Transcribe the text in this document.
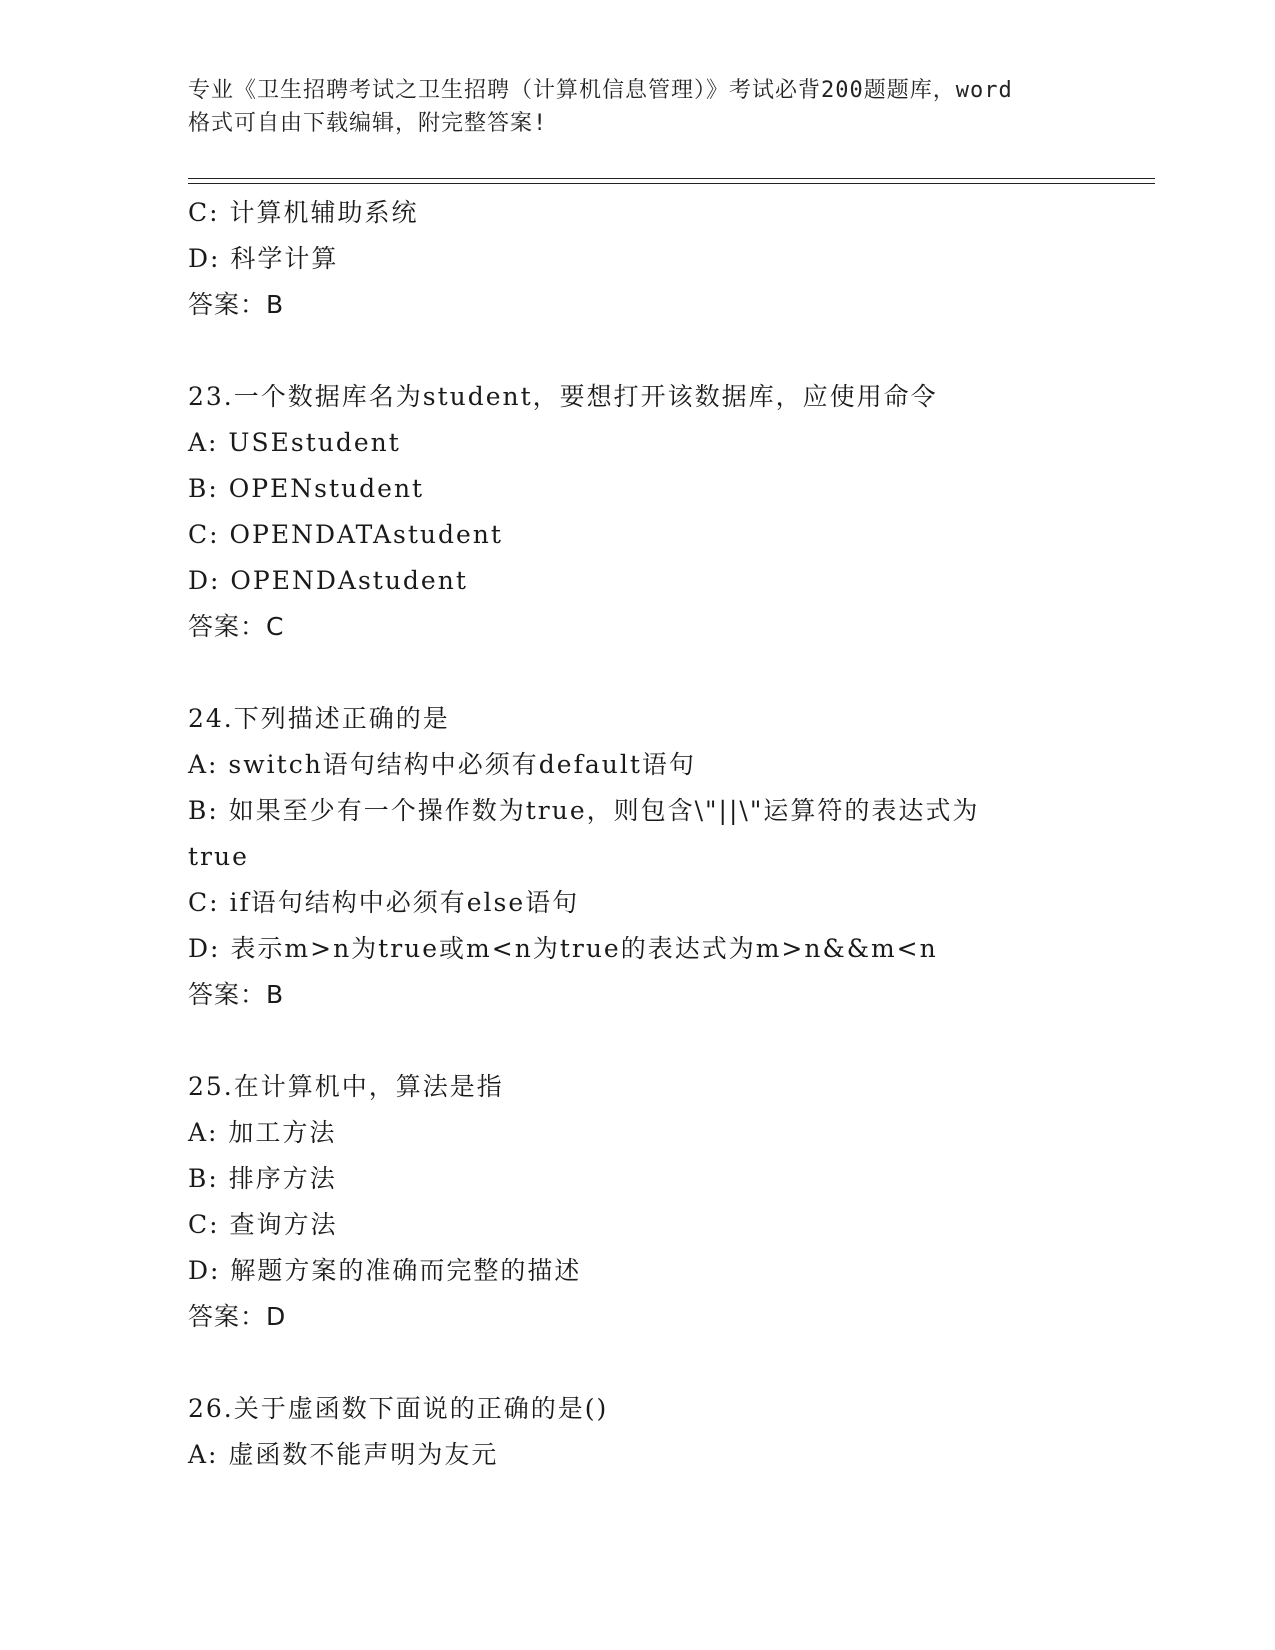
专业《卫生招聘考试之卫生招聘（计算机信息管理）》考试必背200题题库，word
格式可自由下载编辑，附完整答案!
C: 计算机辅助系统
D: 科学计算
答案：B
23.一个数据库名为student，要想打开该数据库，应使用命令
A: USEstudent
B: OPENstudent
C: OPENDATAstudent
D: OPENDAstudent
答案：C
24.下列描述正确的是
A: switch语句结构中必须有default语句
B: 如果至少有一个操作数为true，则包含\"||\"运算符的表达式为
true
C: if语句结构中必须有else语句
D: 表示m>n为true或m<n为true的表达式为m>n&&m<n
答案：B
25.在计算机中，算法是指
A: 加工方法
B: 排序方法
C: 查询方法
D: 解题方案的准确而完整的描述
答案：D
26.关于虚函数下面说的正确的是()
A: 虚函数不能声明为友元
